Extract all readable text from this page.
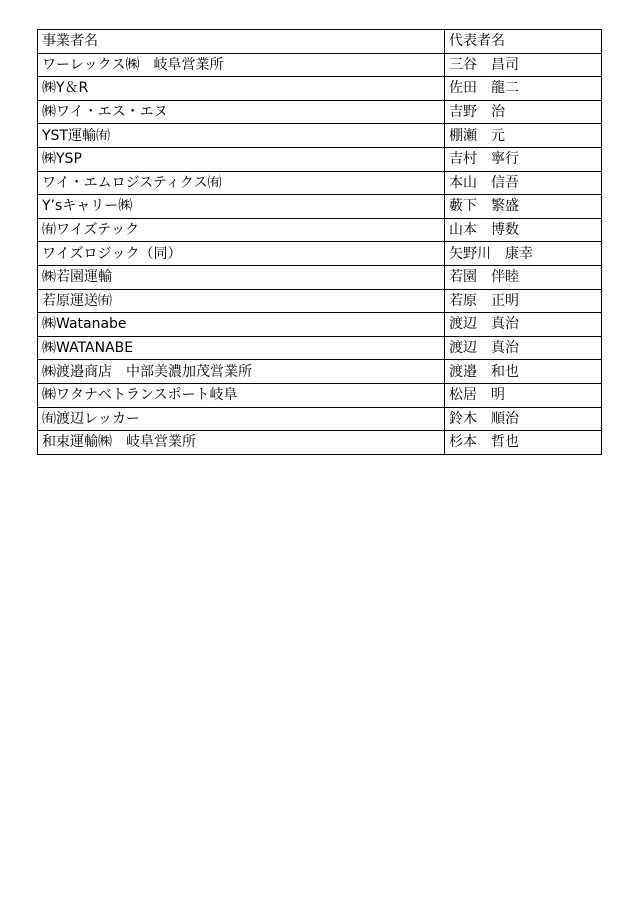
事業者名	代表者名
ワーレックス㈱　岐阜営業所	三谷　昌司
㈱Y＆R	佐田　龍二
㈱ワイ・エス・エヌ	吉野　治
YST運輸㈲	棚瀬　元
㈱YSP	吉村　寧行
ワイ・エムロジスティクス㈲	本山　信吾
Y’sキャリー㈱	藪下　繁盛
㈲ワイズテック	山本　博数
ワイズロジック（同）	矢野川　康幸
㈱若園運輸	若園　伴睦
若原運送㈲	若原　正明
㈱Watanabe	渡辺　真治
㈱WATANABE	渡辺　真治
㈱渡邉商店　中部美濃加茂営業所	渡邉　和也
㈱ワタナベトランスポート岐阜	松居　明
㈲渡辺レッカー	鈴木　順治
和束運輸㈱　岐阜営業所	杉本　哲也
